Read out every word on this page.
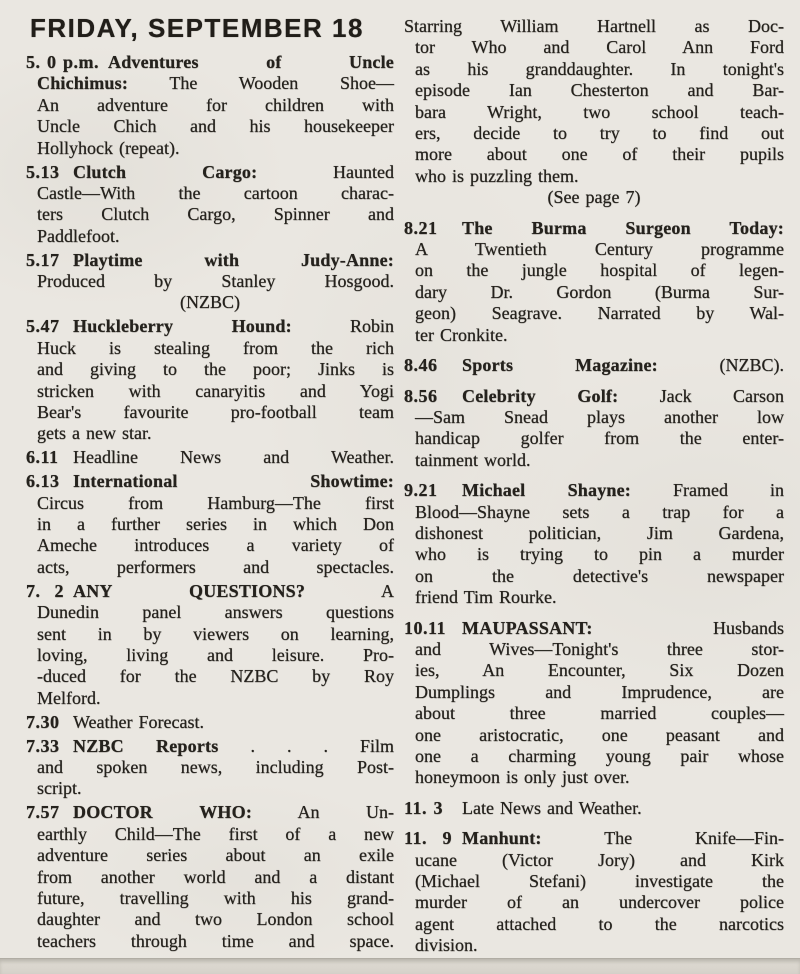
FRIDAY, SEPTEMBER 18
5. 0 p.m. Adventures of Uncle
Chichimus: The Wooden Shoe—
An adventure for children with
Uncle Chich and his housekeeper
Hollyhock (repeat).
5.13 Clutch Cargo: Haunted
Castle—With the cartoon charac-
ters Clutch Cargo, Spinner and
Paddlefoot.
5.17 Playtime with Judy-Anne:
Produced by Stanley Hosgood.
(NZBC)
5.47 Huckleberry Hound: Robin
Huck is stealing from the rich
and giving to the poor; Jinks is
stricken with canaryitis and Yogi
Bear's favourite pro-football team
gets a new star.
6.11 Headline News and Weather.
6.13 International Showtime:
Circus from Hamburg—The first
in a further series in which Don
Ameche introduces a variety of
acts, performers and spectacles.
7. 2 ANY QUESTIONS? A
Dunedin panel answers questions
sent in by viewers on learning,
loving, living and leisure. Pro-
-duced for the NZBC by Roy
Melford.
7.30 Weather Forecast.
7.33 NZBC Reports . . . Film
and spoken news, including Post-
script.
7.57 DOCTOR WHO: An Un-
earthly Child—The first of a new
adventure series about an exile
from another world and a distant
future, travelling with his grand-
daughter and two London school
teachers through time and space.
Starring William Hartnell as Doc-
tor Who and Carol Ann Ford
as his granddaughter. In tonight's
episode Ian Chesterton and Bar-
bara Wright, two school teach-
ers, decide to try to find out
more about one of their pupils
who is puzzling them.
(See page 7)
8.21 The Burma Surgeon Today:
A Twentieth Century programme
on the jungle hospital of legen-
dary Dr. Gordon (Burma Sur-
geon) Seagrave. Narrated by Wal-
ter Cronkite.
8.46 Sports Magazine: (NZBC).
8.56 Celebrity Golf: Jack Carson
—Sam Snead plays another low
handicap golfer from the enter-
tainment world.
9.21 Michael Shayne: Framed in
Blood—Shayne sets a trap for a
dishonest politician, Jim Gardena,
who is trying to pin a murder
on the detective's newspaper
friend Tim Rourke.
10.11 MAUPASSANT: Husbands
and Wives—Tonight's three stor-
ies, An Encounter, Six Dozen
Dumplings and Imprudence, are
about three married couples—
one aristocratic, one peasant and
one a charming young pair whose
honeymoon is only just over.
11. 3 Late News and Weather.
11. 9 Manhunt: The Knife—Fin-
ucane (Victor Jory) and Kirk
(Michael Stefani) investigate the
murder of an undercover police
agent attached to the narcotics
division.
